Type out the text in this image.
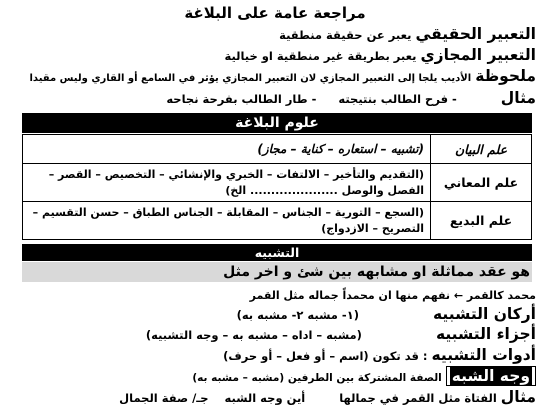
مراجعة عامة على البلاغة
التعبير الحقيقي يعبر عن حقيقة منطقية
التعبير المجازي يعبر بطريقة غير منطقية او خيالية
ملحوظة الأديب يلجا إلى التعبير المجازي لان التعبير المجازي يؤثر في السامع أو القاري وليس مقيدا
مثال - فرح الطالب بنتيجته - طار الطالب بفرحة نجاحه
علوم البلاغة
علم البيان	(تشبيه – استعاره – كناية – مجاز)
علم المعاني	(التقديم والتأخير – الالتفات – الخبري والإنشائي – التخصيص – القصر – الفصل والوصل ..................... الخ)
علم البديع	(السجع – التورية – الجناس – المقابلة – الجناس الطباق – حسن التقسيم – التصريح – الازدواج)
التشبيه
هو عقد مماثلة او مشابهه بين شئ و اخر مثل
محمد كالقمر ← نفهم منها ان محمداً جماله مثل القمر
أركان التشبيه (١- مشبه ٢- مشبه به)
أجزاء التشبيه (مشبه – اداه – مشبه به – وجه التشبيه)
أدوات التشبيه : قد تكون (اسم – أو فعل – أو حرف)
وجه الشبه الصفة المشتركة بين الطرفين (مشبه – مشبه به)
مثال الفتاة مثل القمر في جمالها أين وجه الشبه جـ/ صفة الجمال
